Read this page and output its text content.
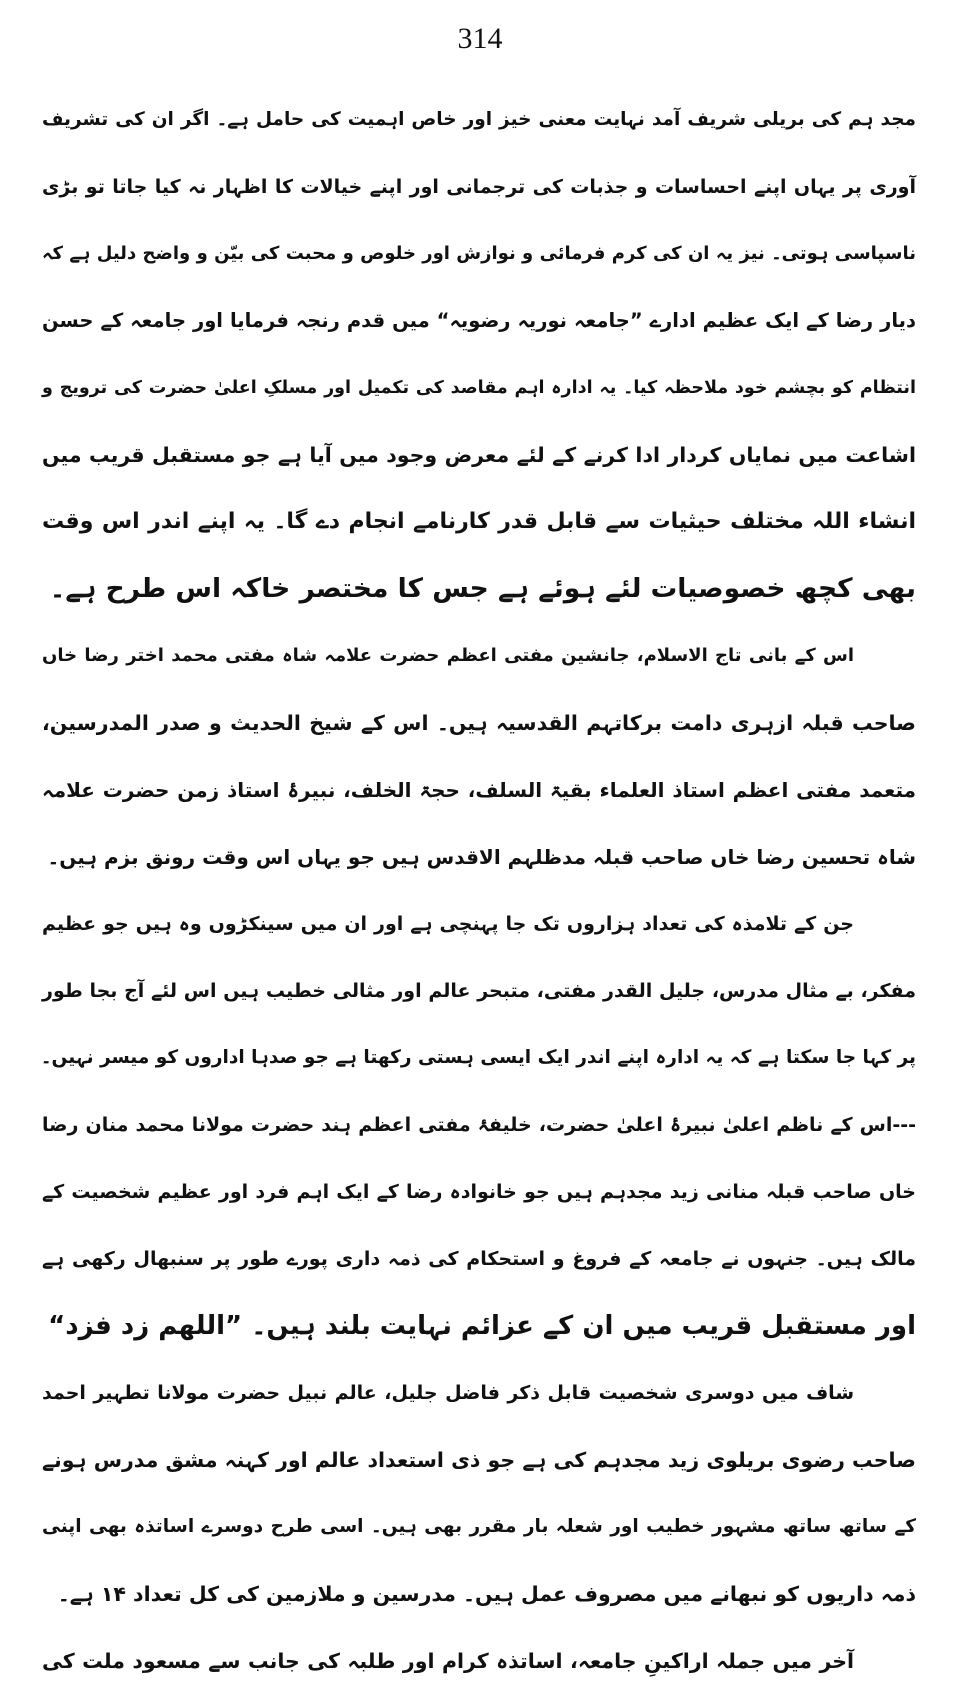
314
مجد ہم کی بریلی شریف آمد نہایت معنی خیز اور خاص اہمیت کی حامل ہے۔ اگر ان کی تشریف
آوری پر یہاں اپنے احساسات و جذبات کی ترجمانی اور اپنے خیالات کا اظہار نہ کیا جاتا تو بڑی
ناسپاسی ہوتی۔ نیز یہ ان کی کرم فرمائی و نوازش اور خلوص و محبت کی بیّن و واضح دلیل ہے کہ
دیار رضا کے ایک عظیم ادارے ”جامعہ نوریہ رضویہ“ میں قدم رنجہ فرمایا اور جامعہ کے حسن
انتظام کو بچشم خود ملاحظہ کیا۔ یہ ادارہ اہم مقاصد کی تکمیل اور مسلکِ اعلیٰ حضرت کی ترویج و
اشاعت میں نمایاں کردار ادا کرنے کے لئے معرض وجود میں آیا ہے جو مستقبل قریب میں
انشاء اللہ مختلف حیثیات سے قابل قدر کارنامے انجام دے گا۔ یہ اپنے اندر اس وقت
بھی کچھ خصوصیات لئے ہوئے ہے جس کا مختصر خاکہ اس طرح ہے۔
اس کے بانی تاج الاسلام، جانشین مفتی اعظم حضرت علامہ شاہ مفتی محمد اختر رضا خاں
صاحب قبلہ ازہری دامت برکاتہم القدسیہ ہیں۔ اس کے شیخ الحدیث و صدر المدرسین،
متعمد مفتی اعظم استاذ العلماء بقیۃ السلف، حجۃ الخلف، نبیرۂ استاذ زمن حضرت علامہ
شاہ تحسین رضا خاں صاحب قبلہ مدظلہم الاقدس ہیں جو یہاں اس وقت رونق بزم ہیں۔
جن کے تلامذہ کی تعداد ہزاروں تک جا پہنچی ہے اور ان میں سینکڑوں وہ ہیں جو عظیم
مفکر، بے مثال مدرس، جلیل القدر مفتی، متبحر عالم اور مثالی خطیب ہیں اس لئے آج بجا طور
پر کہا جا سکتا ہے کہ یہ ادارہ اپنے اندر ایک ایسی ہستی رکھتا ہے جو صدہا اداروں کو میسر نہیں۔
---اس کے ناظم اعلیٰ نبیرۂ اعلیٰ حضرت، خلیفۂ مفتی اعظم ہند حضرت مولانا محمد منان رضا
خاں صاحب قبلہ منانی زید مجدہم ہیں جو خانوادہ رضا کے ایک اہم فرد اور عظیم شخصیت کے
مالک ہیں۔ جنہوں نے جامعہ کے فروغ و استحکام کی ذمہ داری پورے طور پر سنبھال رکھی ہے
اور مستقبل قریب میں ان کے عزائم نہایت بلند ہیں۔ ”اللھم زد فزد“
شاف میں دوسری شخصیت قابل ذکر فاضل جلیل، عالم نبیل حضرت مولانا تطہیر احمد
صاحب رضوی بریلوی زید مجدہم کی ہے جو ذی استعداد عالم اور کہنہ مشق مدرس ہونے
کے ساتھ ساتھ مشہور خطیب اور شعلہ بار مقرر بھی ہیں۔ اسی طرح دوسرے اساتذہ بھی اپنی
ذمہ داریوں کو نبھانے میں مصروف عمل ہیں۔ مدرسین و ملازمین کی کل تعداد ۱۴ ہے۔
آخر میں جملہ اراکینِ جامعہ، اساتذہ کرام اور طلبہ کی جانب سے مسعود ملت کی
